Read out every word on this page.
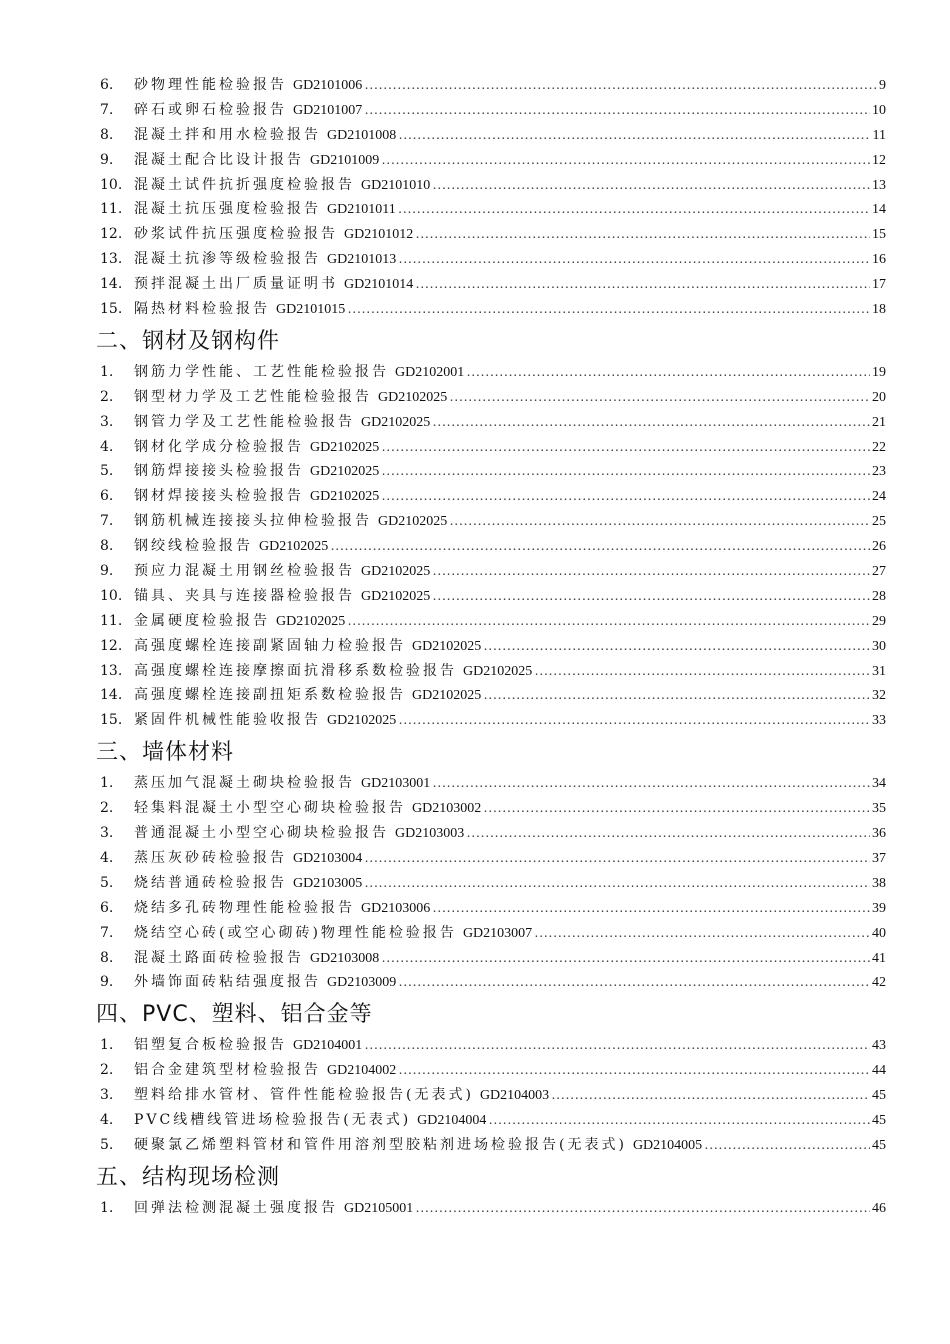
6.	砂物理性能检验报告 GD2101006 ………………………………………………………………………………………………………………………………………………………………	9
7.	碎石或卵石检验报告 GD2101007 ………………………………………………………………………………………………………………………………………………………………	10
8.	混凝土拌和用水检验报告 GD2101008 ………………………………………………………………………………………………………………………………………………………………	11
9.	混凝土配合比设计报告 GD2101009 ………………………………………………………………………………………………………………………………………………………………	12
10. 混凝土试件抗折强度检验报告 GD2101010 ………………………………………………………………………………………………………………………………………………………………	13
11. 混凝土抗压强度检验报告 GD2101011 ………………………………………………………………………………………………………………………………………………………………	14
12. 砂浆试件抗压强度检验报告 GD2101012 ………………………………………………………………………………………………………………………………………………………………	15
13. 混凝土抗渗等级检验报告 GD2101013 ………………………………………………………………………………………………………………………………………………………………	16
14. 预拌混凝土出厂质量证明书 GD2101014 ………………………………………………………………………………………………………………………………………………………………	17
15. 隔热材料检验报告 GD2101015 ………………………………………………………………………………………………………………………………………………………………	18
二、钢材及钢构件
1.	钢筋力学性能、工艺性能检验报告 GD2102001 ………………………………………………………………………………………………………………………………………………………………	19
2.	钢型材力学及工艺性能检验报告 GD2102025 ………………………………………………………………………………………………………………………………………………………………	20
3.	钢管力学及工艺性能检验报告 GD2102025 ………………………………………………………………………………………………………………………………………………………………	21
4.	钢材化学成分检验报告 GD2102025 ………………………………………………………………………………………………………………………………………………………………	22
5.	钢筋焊接接头检验报告 GD2102025 ………………………………………………………………………………………………………………………………………………………………	23
6.	钢材焊接接头检验报告 GD2102025 ………………………………………………………………………………………………………………………………………………………………	24
7.	钢筋机械连接接头拉伸检验报告 GD2102025 ………………………………………………………………………………………………………………………………………………………………	25
8.	钢绞线检验报告 GD2102025 ………………………………………………………………………………………………………………………………………………………………	26
9.	预应力混凝土用钢丝检验报告 GD2102025 ………………………………………………………………………………………………………………………………………………………………	27
10. 锚具、夹具与连接器检验报告 GD2102025 ………………………………………………………………………………………………………………………………………………………………	28
11. 金属硬度检验报告 GD2102025 ………………………………………………………………………………………………………………………………………………………………	29
12. 高强度螺栓连接副紧固轴力检验报告 GD2102025 ………………………………………………………………………………………………………………………………………………………………	30
13. 高强度螺栓连接摩擦面抗滑移系数检验报告 GD2102025 ………………………………………………………………………………………………………………………………………………………………	31
14. 高强度螺栓连接副扭矩系数检验报告 GD2102025 ………………………………………………………………………………………………………………………………………………………………	32
15. 紧固件机械性能验收报告 GD2102025 ………………………………………………………………………………………………………………………………………………………………	33
三、墙体材料
1.	蒸压加气混凝土砌块检验报告 GD2103001 ………………………………………………………………………………………………………………………………………………………………	34
2.	轻集料混凝土小型空心砌块检验报告 GD2103002 ………………………………………………………………………………………………………………………………………………………………	35
3.	普通混凝土小型空心砌块检验报告 GD2103003 ………………………………………………………………………………………………………………………………………………………………	36
4.	蒸压灰砂砖检验报告 GD2103004 ………………………………………………………………………………………………………………………………………………………………	37
5.	烧结普通砖检验报告 GD2103005 ………………………………………………………………………………………………………………………………………………………………	38
6.	烧结多孔砖物理性能检验报告 GD2103006 ………………………………………………………………………………………………………………………………………………………………	39
7.	烧结空心砖(或空心砌砖)物理性能检验报告 GD2103007 ………………………………………………………………………………………………………………………………………………………………	40
8.	混凝土路面砖检验报告 GD2103008 ………………………………………………………………………………………………………………………………………………………………	41
9.	外墙饰面砖粘结强度报告 GD2103009 ………………………………………………………………………………………………………………………………………………………………	42
四、PVC、塑料、铝合金等
1.	铝塑复合板检验报告 GD2104001 ………………………………………………………………………………………………………………………………………………………………	43
2.	铝合金建筑型材检验报告 GD2104002 ………………………………………………………………………………………………………………………………………………………………	44
3.	塑料给排水管材、管件性能检验报告(无表式) GD2104003 ………………………………………………………………………………………………………………………………………………………………	45
4.	PVC线槽线管进场检验报告(无表式) GD2104004 ………………………………………………………………………………………………………………………………………………………………	45
5.	硬聚氯乙烯塑料管材和管件用溶剂型胶粘剂进场检验报告(无表式) GD2104005 ………………………………………………………………………………………………………………………………………………………………	45
五、结构现场检测
1.	回弹法检测混凝土强度报告 GD2105001 ………………………………………………………………………………………………………………………………………………………………	46
